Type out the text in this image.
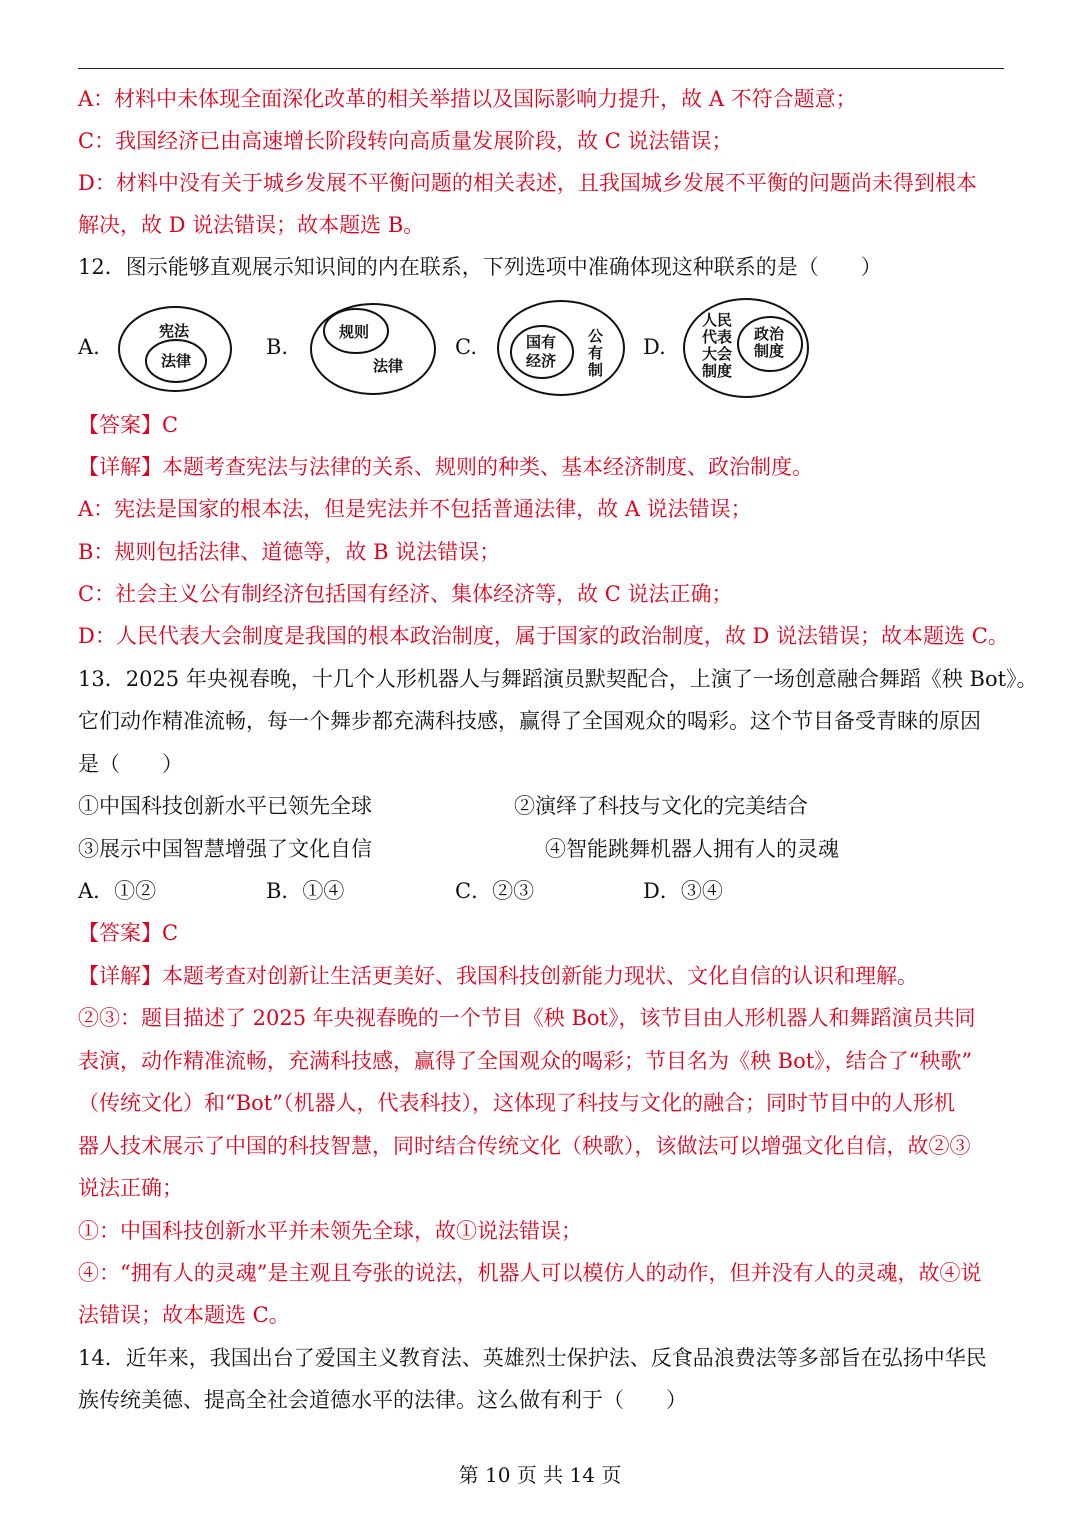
A：材料中未体现全面深化改革的相关举措以及国际影响力提升，故 A 不符合题意；
C：我国经济已由高速增长阶段转向高质量发展阶段，故 C 说法错误；
D：材料中没有关于城乡发展不平衡问题的相关表述，且我国城乡发展不平衡的问题尚未得到根本
解决，故 D 说法错误；故本题选 B。
12．图示能够直观展示知识间的内在联系，下列选项中准确体现这种联系的是（　　）
A.
宪法
法律
B.
规则
法律
C.	国有
经济
公
有
制
D.
人民
代表
大会
制度
政治
制度
【答案】C
【详解】本题考查宪法与法律的关系、规则的种类、基本经济制度、政治制度。
A：宪法是国家的根本法，但是宪法并不包括普通法律，故 A 说法错误；
B：规则包括法律、道德等，故 B 说法错误；
C：社会主义公有制经济包括国有经济、集体经济等，故 C 说法正确；
D：人民代表大会制度是我国的根本政治制度，属于国家的政治制度，故 D 说法错误；故本题选 C。
13．2025 年央视春晚，十几个人形机器人与舞蹈演员默契配合，上演了一场创意融合舞蹈《秧 Bot》。
它们动作精准流畅，每一个舞步都充满科技感，赢得了全国观众的喝彩。这个节目备受青睐的原因
是（　　）
①中国科技创新水平已领先全球	②演绎了科技与文化的完美结合
③展示中国智慧增强了文化自信	④智能跳舞机器人拥有人的灵魂
A．①②	B．①④	C．②③	D．③④
【答案】C
【详解】本题考查对创新让生活更美好、我国科技创新能力现状、文化自信的认识和理解。
②③：题目描述了 2025 年央视春晚的一个节目《秧 Bot》，该节目由人形机器人和舞蹈演员共同
表演，动作精准流畅，充满科技感，赢得了全国观众的喝彩；节目名为《秧 Bot》，结合了“秧歌”
（传统文化）和“Bot”（机器人，代表科技），这体现了科技与文化的融合；同时节目中的人形机
器人技术展示了中国的科技智慧，同时结合传统文化（秧歌），该做法可以增强文化自信，故②③
说法正确；
①：中国科技创新水平并未领先全球，故①说法错误；
④：“拥有人的灵魂”是主观且夸张的说法，机器人可以模仿人的动作，但并没有人的灵魂，故④说
法错误；故本题选 C。
14．近年来，我国出台了爱国主义教育法、英雄烈士保护法、反食品浪费法等多部旨在弘扬中华民
族传统美德、提高全社会道德水平的法律。这么做有利于（　　）
第 10 页 共 14 页
